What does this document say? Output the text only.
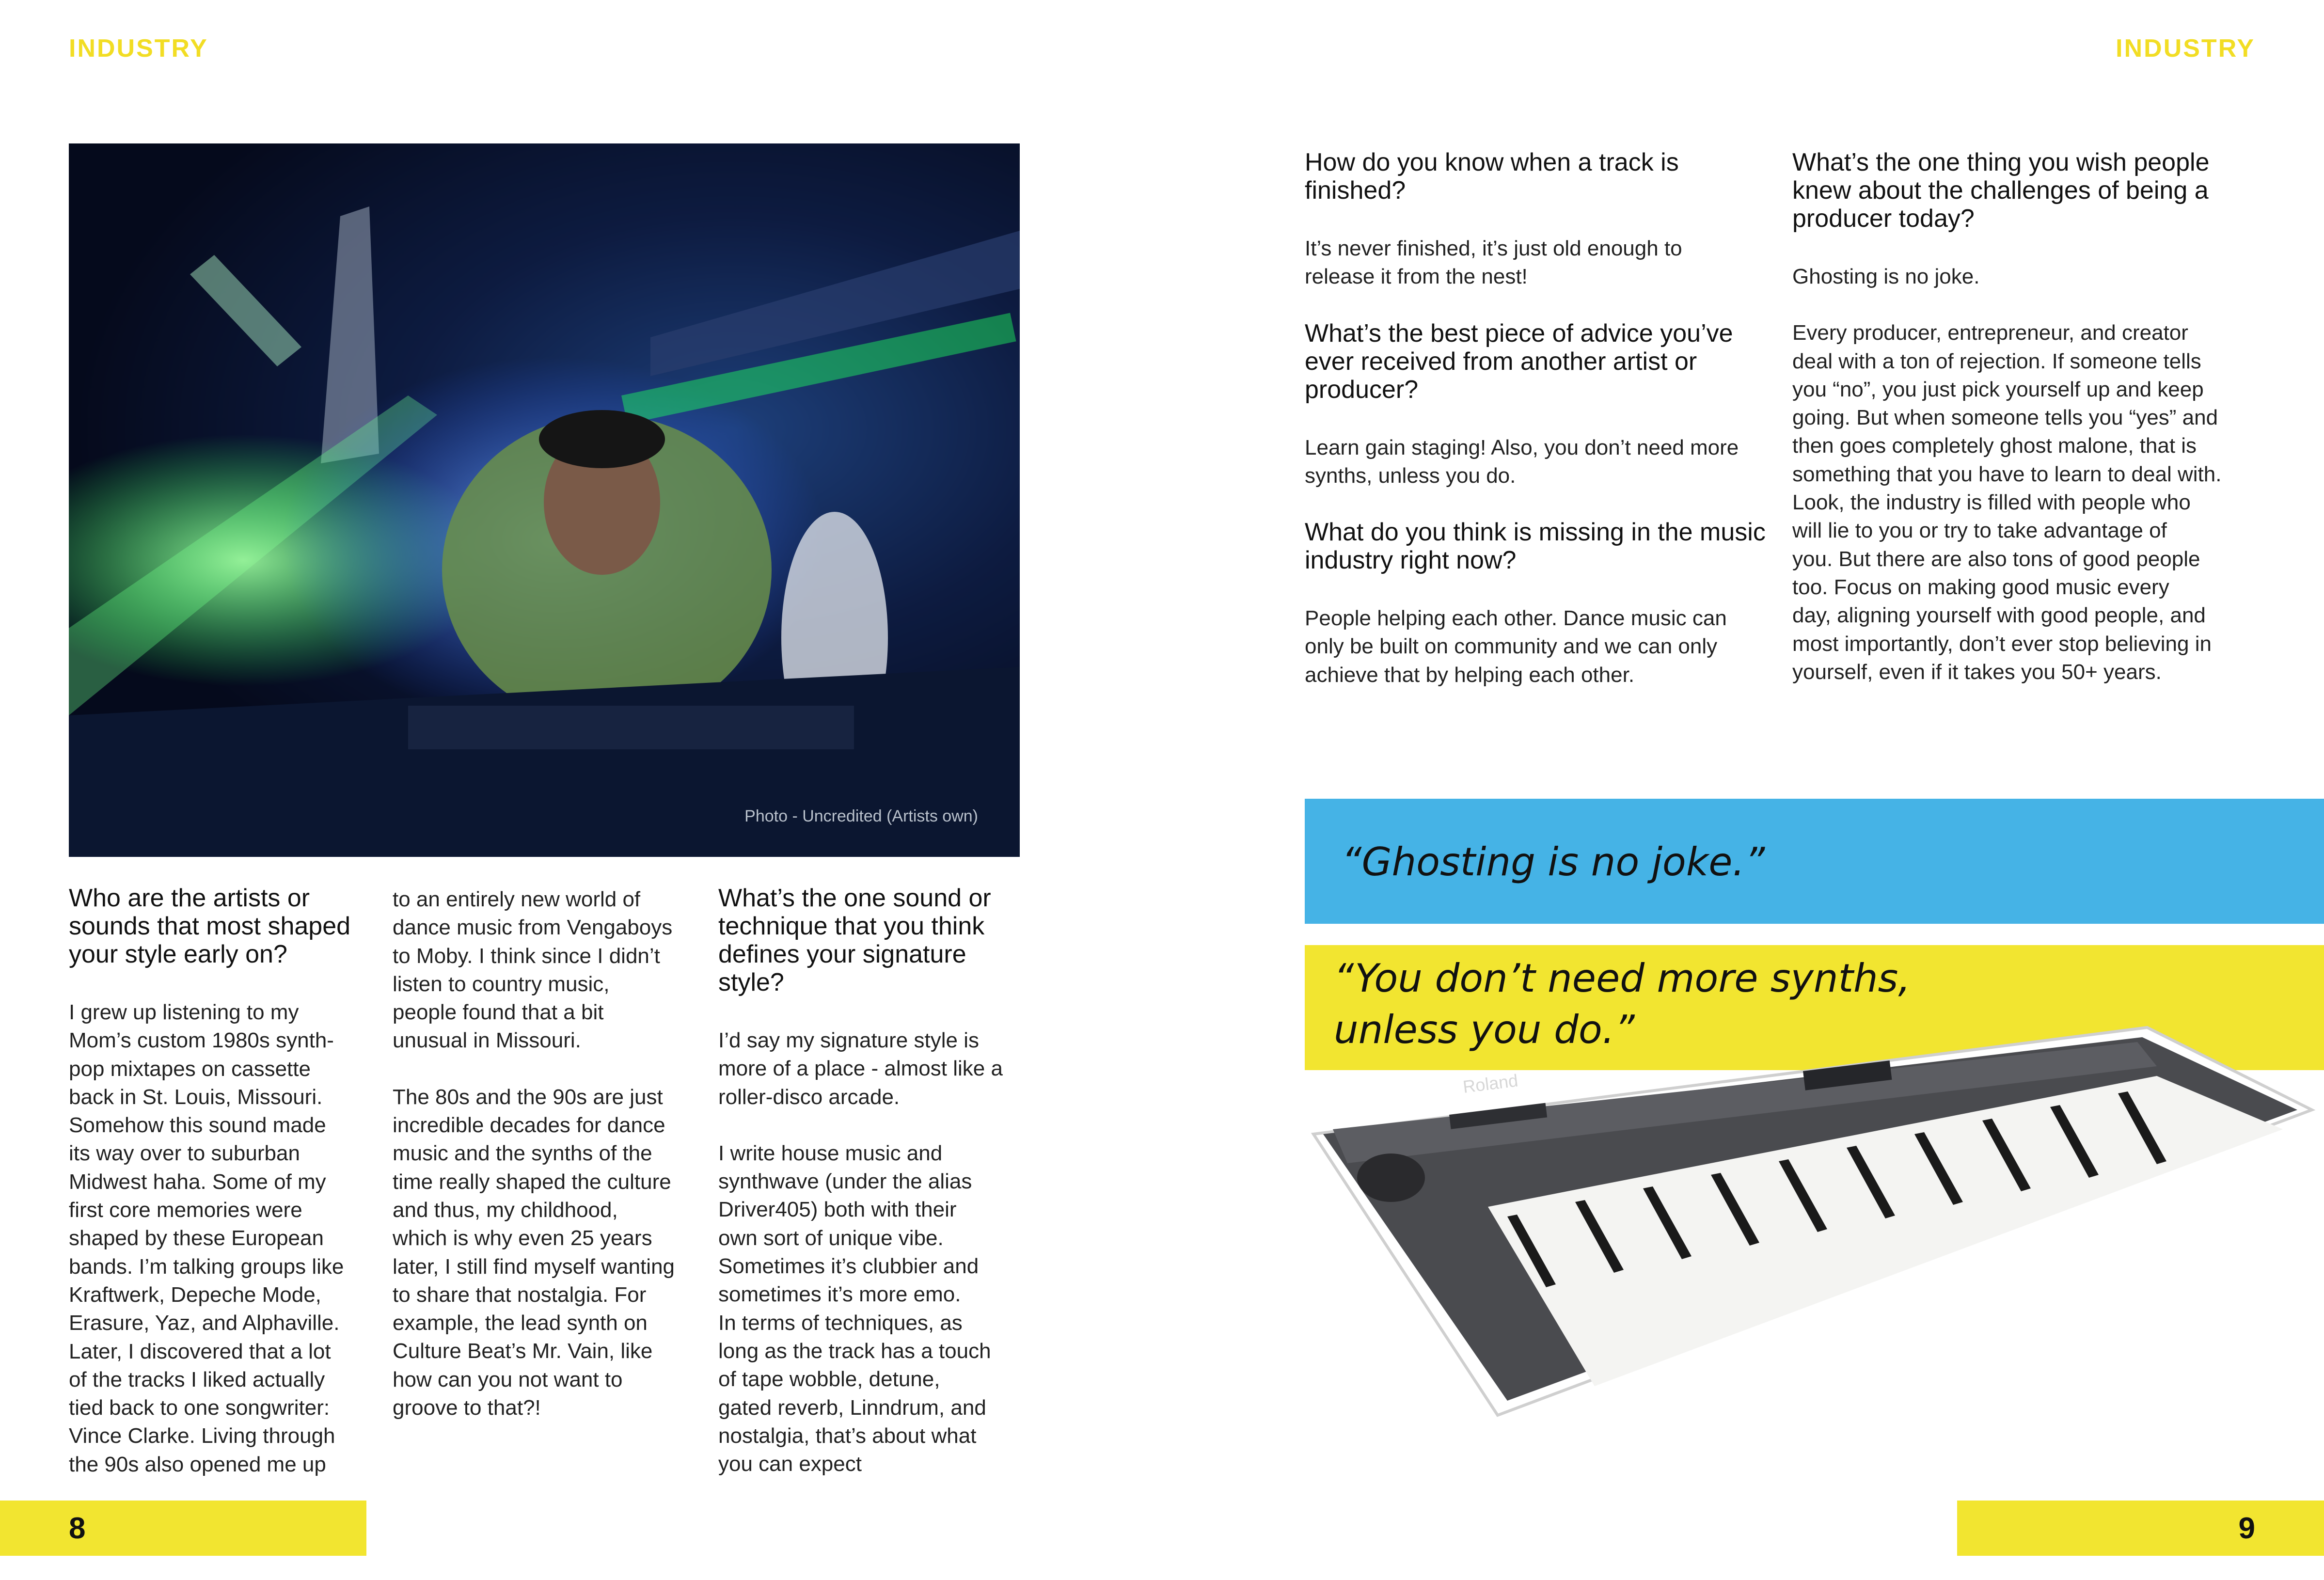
INDUSTRY
Photo - Uncredited (Artists own)
Who are the artists or sounds that most shaped your style early on?

I grew up listening to my
Mom’s custom 1980s synth-
pop mixtapes on cassette
back in St. Louis, Missouri.
Somehow this sound made
its way over to suburban
Midwest haha. Some of my
first core memories were
shaped by these European
bands. I’m talking groups like
Kraftwerk, Depeche Mode,
Erasure, Yaz, and Alphaville.
Later, I discovered that a lot
of the tracks I liked actually
tied back to one songwriter:
Vince Clarke. Living through
the 90s also opened me up

to an entirely new world of
dance music from Vengaboys
to Moby. I think since I didn’t
listen to country music,
people found that a bit
unusual in Missouri.

The 80s and the 90s are just
incredible decades for dance
music and the synths of the
time really shaped the culture
and thus, my childhood,
which is why even 25 years
later, I still find myself wanting
to share that nostalgia. For
example, the lead synth on
Culture Beat’s Mr. Vain, like
how can you not want to
groove to that?!

What’s the one sound or technique that you think defines your signature style?

I’d say my signature style is
more of a place - almost like a
roller-disco arcade.

I write house music and
synthwave (under the alias
Driver405) both with their
own sort of unique vibe.
Sometimes it’s clubbier and
sometimes it’s more emo.
In terms of techniques, as
long as the track has a touch
of tape wobble, detune,
gated reverb, Linndrum, and
nostalgia, that’s about what
you can expect

8
INDUSTRY
How do you know when a track is finished?

It’s never finished, it’s just old enough to
release it from the nest!

What’s the best piece of advice you’ve ever received from another artist or producer?

Learn gain staging! Also, you don’t need more
synths, unless you do.

What do you think is missing in the music industry right now?

People helping each other. Dance music can
only be built on community and we can only
achieve that by helping each other.

What’s the one thing you wish people knew about the challenges of being a producer today?

Ghosting is no joke.

Every producer, entrepreneur, and creator
deal with a ton of rejection. If someone tells
you “no”, you just pick yourself up and keep
going. But when someone tells you “yes” and
then goes completely ghost malone, that is
something that you have to learn to deal with.
Look, the industry is filled with people who
will lie to you or try to take advantage of
you. But there are also tons of good people
too. Focus on making good music every
day, aligning yourself with good people, and
most importantly, don’t ever stop believing in
yourself, even if it takes you 50+ years.

“Ghosting is no joke.”
Roland
“You don’t need more synths,
unless you do.”
9
